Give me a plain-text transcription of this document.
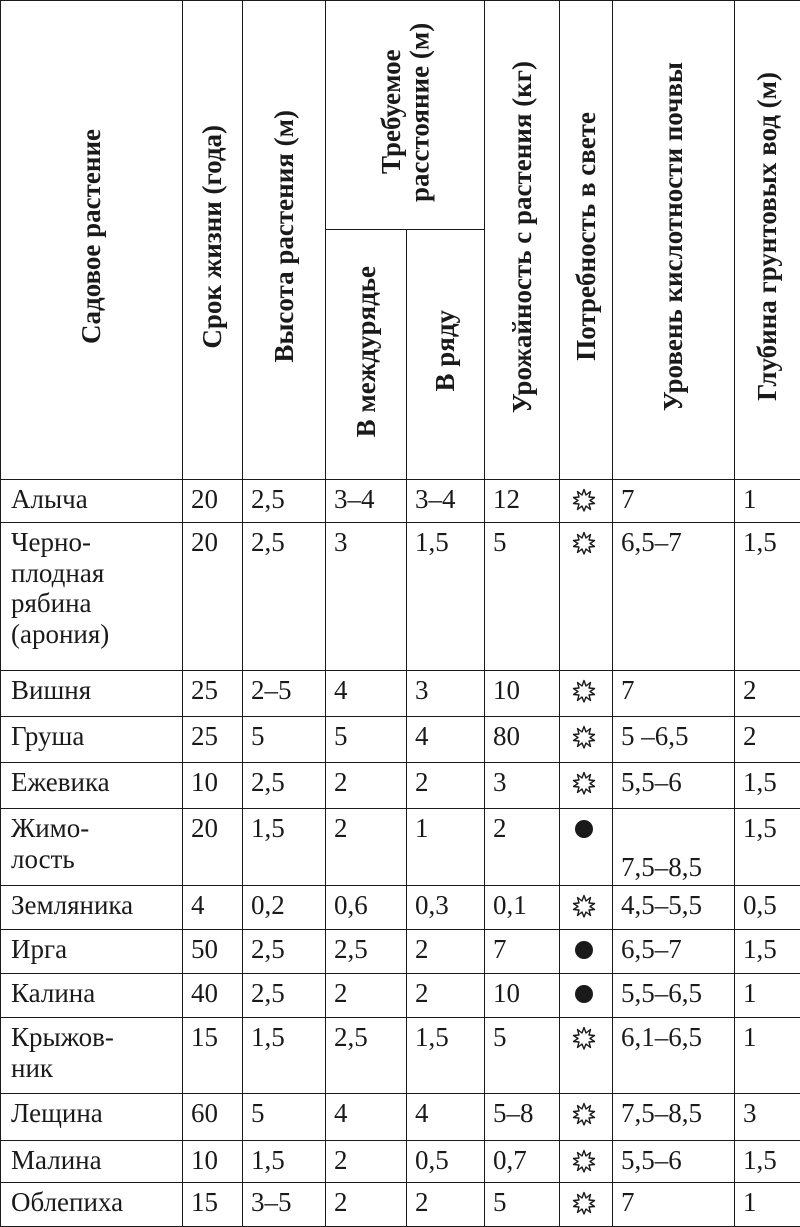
Садовое растение	Срок жизни (года)	Высота растения (м)	Требуемое расстояние (м)		Урожайность с растения (кг)	Потребность в свете	Уровень кислотности почвы	Глубина грунтовых вод (м)
			В междурядье	В ряду				
Алыча	20	2,5	3–4	3–4	12		7	1
Черно-
плодная
рябина
(арония)	20	2,5	3	1,5	5		6,5–7	1,5
Вишня	25	2–5	4	3	10		7	2
Груша	25	5	5	4	80		5 –6,5	2
Ежевика	10	2,5	2	2	3		5,5–6	1,5
Жимо-
лость	20	1,5	2	1	2		7,5–8,5	1,5
Земляника	4	0,2	0,6	0,3	0,1		4,5–5,5	0,5
Ирга	50	2,5	2,5	2	7		6,5–7	1,5
Калина	40	2,5	2	2	10		5,5–6,5	1
Крыжов-
ник	15	1,5	2,5	1,5	5		6,1–6,5	1
Лещина	60	5	4	4	5–8		7,5–8,5	3
Малина	10	1,5	2	0,5	0,7		5,5–6	1,5
Облепиха	15	3–5	2	2	5		7	1
